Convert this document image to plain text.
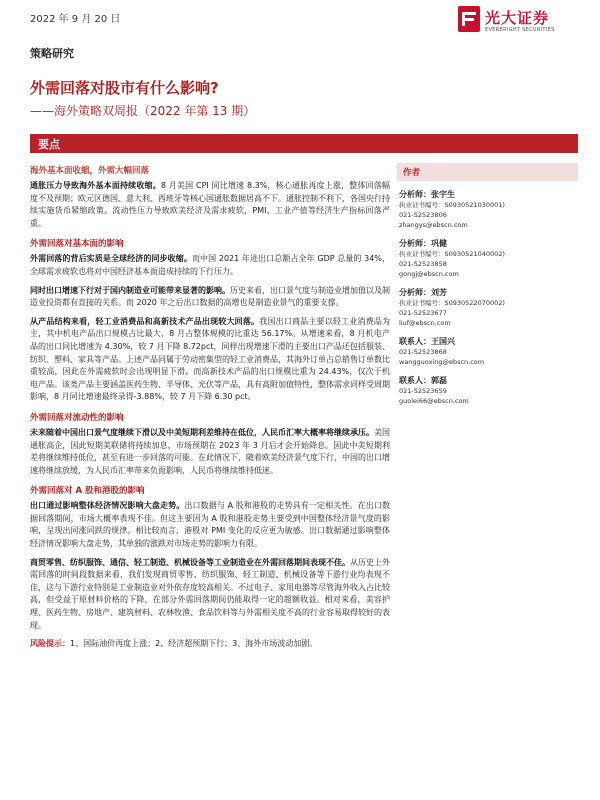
2022 年 9 月 20 日	光大证券
EVERBRIGHT SECURITIES
策略研究
外需回落对股市有什么影响?
——海外策略双周报（2022 年第 13 期）
要点
海外基本面收缩，外需大幅回落

通胀压力导致海外基本面持续收缩。8 月美国 CPI 同比增速 8.3%，核心通胀再度上涨，整体回落幅度不及预期；欧元区德国、意大利、西班牙等核心国通胀数据居高不下。通胀控制不利下，各国央行持续实施货币紧缩政策。流动性压力导致欧美经济及需求疲软，PMI、工业产值等经济生产指标回落严重。

外需回落对基本面的影响

外需回落的背后实质是全球经济的同步收缩。而中国 2021 年进出口总额占全年 GDP 总量的 34%，全球需求疲软也将对中国经济基本面造成持续的下行压力。

同时出口增速下行对于国内制造业可能带来显著的影响。历史来看，出口景气度与制造业增加值以及制造业投资都有直接的关系。而 2020 年之后出口数据的高增也是制造业景气的重要支撑。

从产品结构来看，轻工业消费品和高新技术产品出现较大回落。我国出口商品主要以轻工业消费品为主，其中机电产品出口规模占比最大，8 月占整体规模的比重达 56.17%。从增速来看，8 月机电产品的出口同比增速为 4.30%，较 7 月下降 8.72pct，同样出现增速下滑的主要出口产品还包括服装、纺织、塑料、家具等产品。上述产品同属于劳动密集型的轻工业消费品，其海外订单占总销售订单数比重较高，因此在外需疲软时会出现明显下滑。而高新技术产品的出口规模比重为 24.43%，仅次于机电产品。该类产品主要涵盖医药生物、半导体、光伏等产品，具有高附加值特性，整体需求同样受周期影响，8 月同比增速最终录得-3.88%，较 7 月下降 6.30 pct。

外需回落对流动性的影响

未来随着中国出口景气度继续下滑以及中美短期利差维持在低位，人民币汇率大概率将继续承压。美国通胀高企，因此短期美联储将持续加息，市场预期在 2023 年 3 月后才会开始降息。因此中美短期利差将继续维持低位，甚至有进一步回落的可能。在此情况下，随着欧美经济景气度下行，中国的出口增速将继续放缓，为人民币汇率带来负面影响，人民币将继续维持低迷。

外需回落对 A 股和港股的影响

出口通过影响整体经济情况影响大盘走势。出口数据与 A 股和港股的走势具有一定相关性。在出口数据回落期间，市场大概率表现不佳。但这主要因为 A 股和港股走势主要受到中国整体经济景气度的影响，呈现出同涨同跌的规律。相比较而言，港股对 PMI 变化的反应更为敏感。出口数据通过影响整体经济情况影响大盘走势，其单独的涨跌对市场走势的影响力有限。

商贸零售、纺织服饰、通信、轻工制造、机械设备等工业制造业在外需回落期间表现不佳。从历史上外需回落的时间段数据来看，我们发现商贸零售、纺织服饰、轻工制造、机械设备等下游行业均表现不佳，这与下游行业特别是工业制造业对外依存度较高相关。不过电子、家用电器等尽管海外收入占比较高，但受益于原材料价格的下降，在部分外需回落期间仍能取得一定的超额收益。相对来看，美容护理、医药生物、房地产、建筑材料、农林牧渔、食品饮料等与外需相关度不高的行业容易取得较好的表现。

风险提示：1、国际油价再度上涨；2、经济超预期下行；3、海外市场波动加剧。
作者
分析师：张宇生
执业证书编号：S0930521030001)
021-52523806
zhangys@ebscn.com
分析师：巩健
执业证书编号：S0930521040002)
021-52523858
gongj@ebscn.com
分析师：刘芳
执业证书编号：S0930522070002)
021-52523677
liuf@ebscn.com
联系人：王国兴
021-52523868
wangguoxing@ebscn.com
联系人：郭磊
021-52523659
guolei66@ebscn.com
